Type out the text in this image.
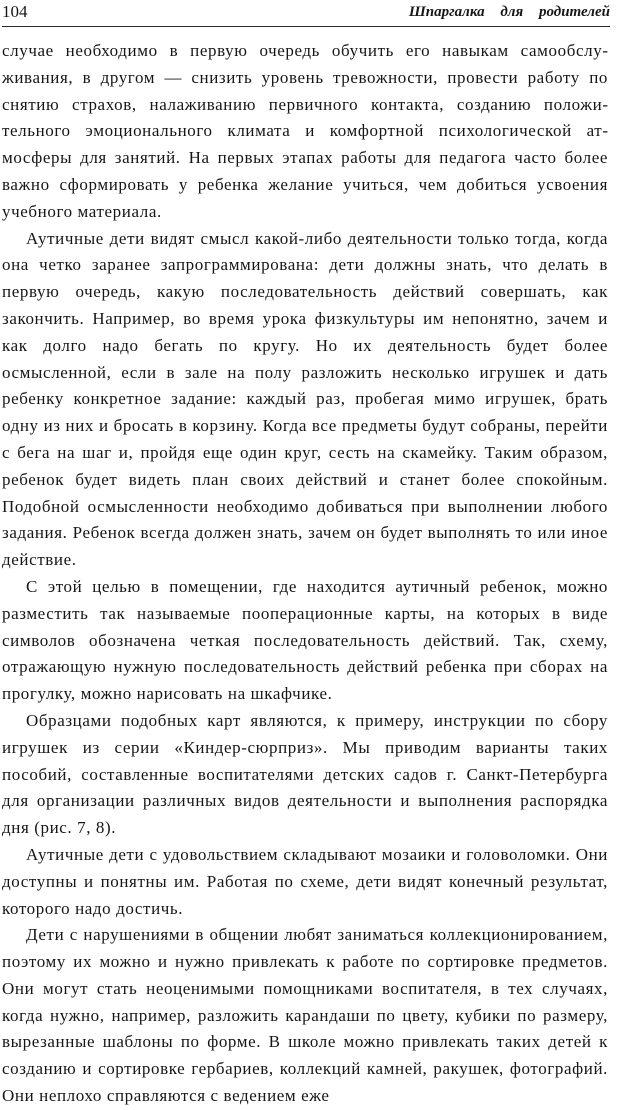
104	Шпаргалка для родителей

случае необходимо в первую очередь обучить его навыкам самообслуживания, в другом — снизить уровень тревожности, провести работу по снятию страхов, налаживанию первичного контакта, созданию положительного эмоционального климата и комфортной психологической атмосферы для занятий. На первых этапах работы для педагога часто более важно сформировать у ребенка желание учиться, чем добиться усвоения учебного материала.

Аутичные дети видят смысл какой-либо деятельности только тогда, когда она четко заранее запрограммирована: дети должны знать, что делать в первую очередь, какую последовательность действий совершать, как закончить. Например, во время урока физкультуры им непонятно, зачем и как долго надо бегать по кругу. Но их деятельность будет более осмысленной, если в зале на полу разложить несколько игрушек и дать ребенку конкретное задание: каждый раз, пробегая мимо игрушек, брать одну из них и бросать в корзину. Когда все предметы будут собраны, перейти с бега на шаг и, пройдя еще один круг, сесть на скамейку. Таким образом, ребенок будет видеть план своих действий и станет более спокойным. Подобной осмысленности необходимо добиваться при выполнении любого задания. Ребенок всегда должен знать, зачем он будет выполнять то или иное действие.

С этой целью в помещении, где находится аутичный ребенок, можно разместить так называемые пооперационные карты, на которых в виде символов обозначена четкая последовательность действий. Так, схему, отражающую нужную последовательность действий ребенка при сборах на прогулку, можно нарисовать на шкафчике.

Образцами подобных карт являются, к примеру, инструкции по сбору игрушек из серии «Киндер-сюрприз». Мы приводим варианты таких пособий, составленные воспитателями детских садов г. Санкт-Петербурга для организации различных видов деятельности и выполнения распорядка дня (рис. 7, 8).

Аутичные дети с удовольствием складывают мозаики и головоломки. Они доступны и понятны им. Работая по схеме, дети видят конечный результат, которого надо достичь.

Дети с нарушениями в общении любят заниматься коллекционированием, поэтому их можно и нужно привлекать к работе по сортировке предметов. Они могут стать неоценимыми помощниками воспитателя, в тех случаях, когда нужно, например, разложить карандаши по цвету, кубики по размеру, вырезанные шаблоны по форме. В школе можно привлекать таких детей к созданию и сортировке гербариев, коллекций камней, ракушек, фотографий. Они неплохо справляются с ведением еже
